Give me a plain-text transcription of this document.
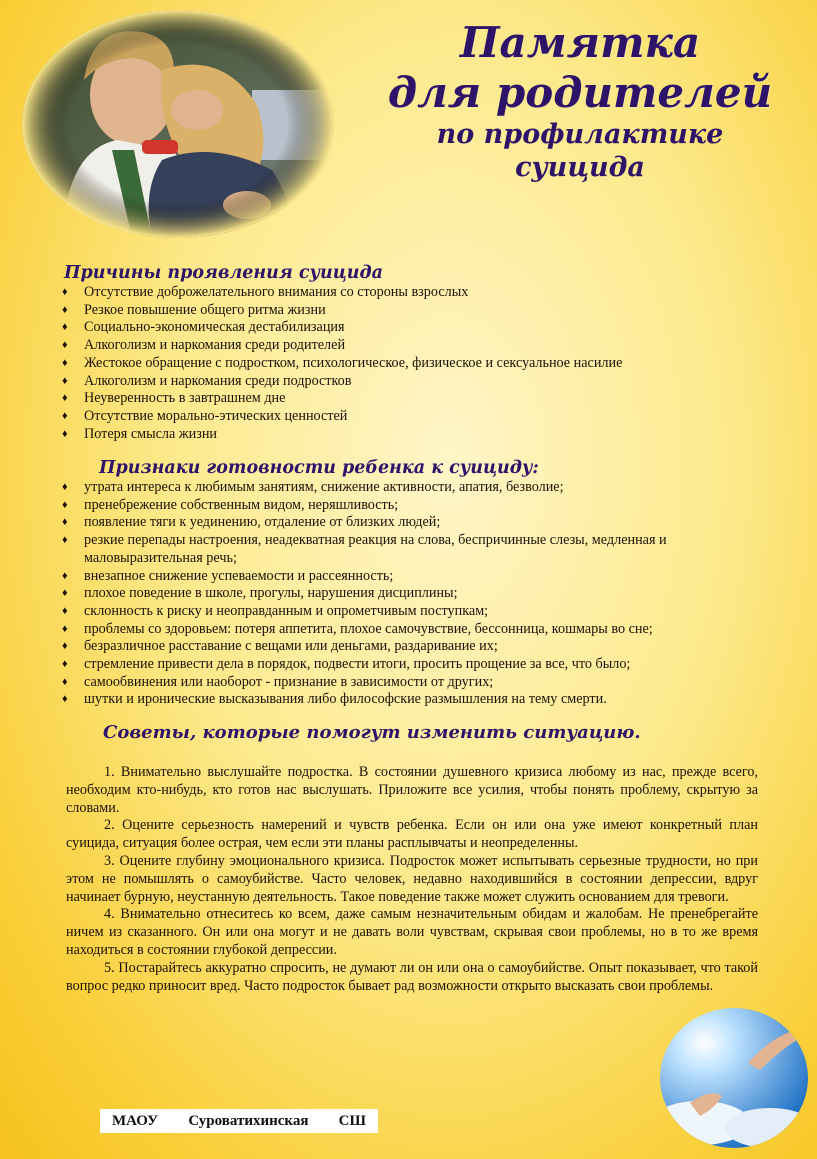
Памятка

для родителей

по профилактике

суицида

Причины проявления суицида

♦ Отсутствие доброжелательного внимания со стороны взрослых
♦ Резкое повышение общего ритма жизни
♦ Социально-экономическая дестабилизация
♦ Алкоголизм и наркомания среди родителей
♦ Жестокое обращение с подростком, психологическое, физическое и сексуальное насилие
♦ Алкоголизм и наркомания среди подростков
♦ Неуверенность в завтрашнем дне
♦ Отсутствие морально-этических ценностей
♦ Потеря смысла жизни

Признаки готовности ребенка к суициду:

♦ утрата интереса к любимым занятиям, снижение активности, апатия, безволие;
♦ пренебрежение собственным видом, неряшливость;
♦ появление тяги к уединению, отдаление от близких людей;
♦ резкие перепады настроения, неадекватная реакция на слова, беспричинные слезы, медленная и маловыразительная речь;
♦ внезапное снижение успеваемости и рассеянность;
♦ плохое поведение в школе, прогулы, нарушения дисциплины;
♦ склонность к риску и неоправданным и опрометчивым поступкам;
♦ проблемы со здоровьем: потеря аппетита, плохое самочувствие, бессонница, кошмары во сне;
♦ безразличное расставание с вещами или деньгами, раздаривание их;
♦ стремление привести дела в порядок, подвести итоги, просить прощение за все, что было;
♦ самообвинения или наоборот - признание в зависимости от других;
♦ шутки и иронические высказывания либо философские размышления на тему смерти.

Советы, которые помогут изменить ситуацию.

1. Внимательно выслушайте подростка. В состоянии душевного кризиса любому из нас, прежде всего, необходим кто-нибудь, кто готов нас выслушать. Приложите все усилия, чтобы понять проблему, скрытую за словами.

2. Оцените серьезность намерений и чувств ребенка. Если он или она уже имеют конкретный план суицида, ситуация более острая, чем если эти планы расплывчаты и неопределенны.

3. Оцените глубину эмоционального кризиса. Подросток может испытывать серьезные трудности, но при этом не помышлять о самоубийстве. Часто человек, недавно находившийся в состоянии депрессии, вдруг начинает бурную, неустанную деятельность. Такое поведение также может служить основанием для тревоги.

4. Внимательно отнеситесь ко всем, даже самым незначительным обидам и жалобам. Не пренебрегайте ничем из сказанного. Он или она могут и не давать воли чувствам, скрывая свои проблемы, но в то же время находиться в состоянии глубокой депрессии.

5. Постарайтесь аккуратно спросить, не думают ли он или она о самоубийстве. Опыт показывает, что такой вопрос редко приносит вред. Часто подросток бывает рад возможности открыто высказать свои проблемы.

МАОУ Суроватихинская СШ
